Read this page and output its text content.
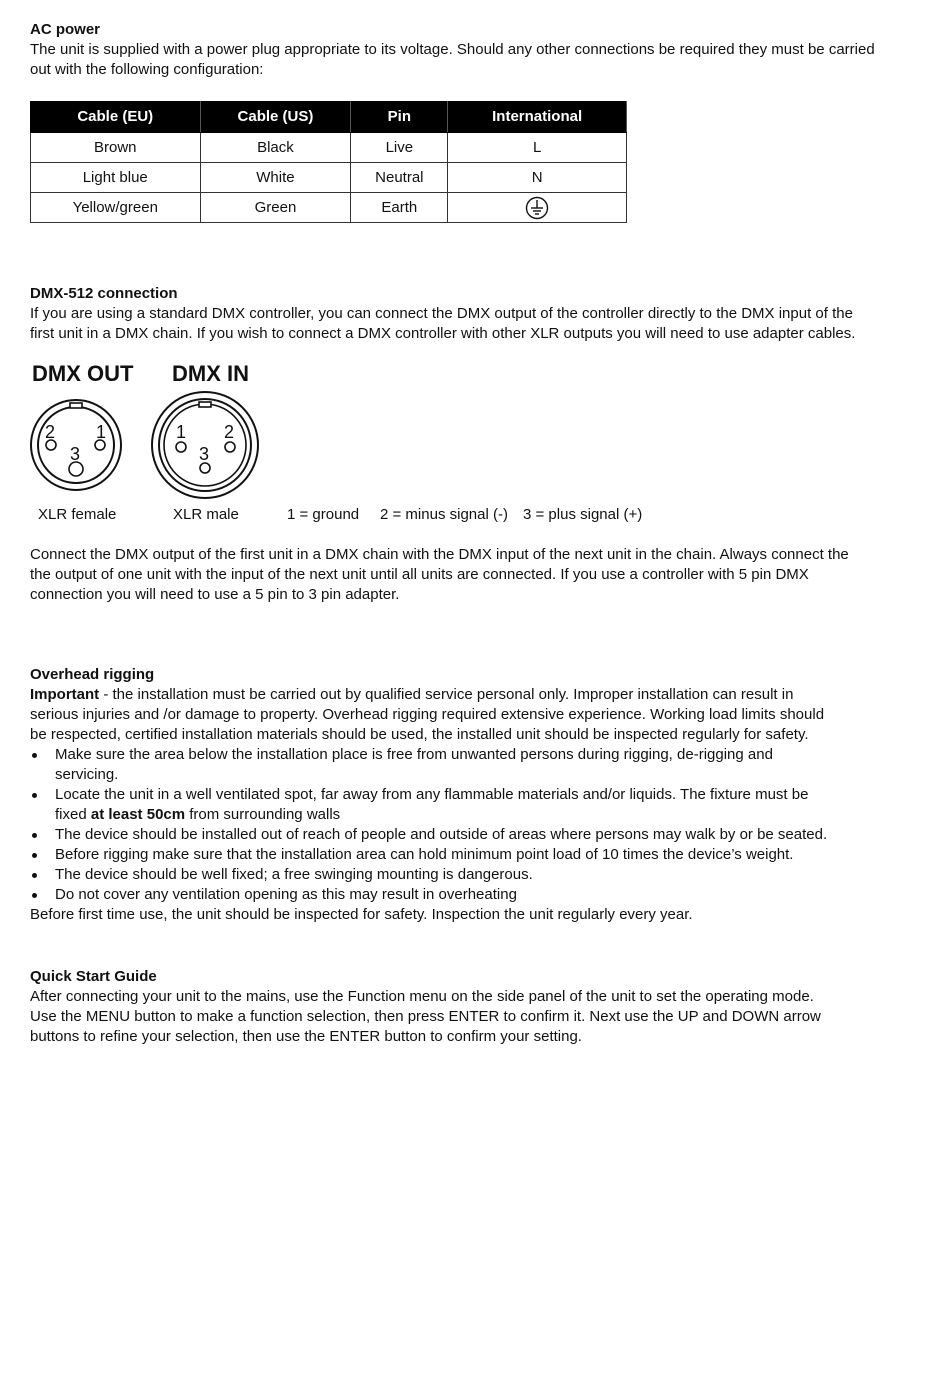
AC power

The unit is supplied with a power plug appropriate to its voltage. Should any other connections be required they must be carried out with the following configuration:

Cable (EU)	Cable (US)	Pin	International
Brown	Black	Live	L
Light blue	White	Neutral	N
Yellow/green	Green	Earth	

DMX-512 connection

If you are using a standard DMX controller, you can connect the DMX output of the controller directly to the DMX input of the first unit in a DMX chain. If you wish to connect a DMX controller with other XLR outputs you will need to use adapter cables.

DMX OUT DMX IN
2 1
3
1 2
3
XLR female	XLR male	1 = ground 2 = minus signal (-) 3 = plus signal (+)

Connect the DMX output of the first unit in a DMX chain with the DMX input of the next unit in the chain. Always connect the the output of one unit with the input of the next unit until all units are connected. If you use a controller with 5 pin DMX connection you will need to use a 5 pin to 3 pin adapter.

Overhead rigging

Important - the installation must be carried out by qualified service personal only. Improper installation can result in serious injuries and /or damage to property. Overhead rigging required extensive experience. Working load limits should be respected, certified installation materials should be used, the installed unit should be inspected regularly for safety.

Make sure the area below the installation place is free from unwanted persons during rigging, de-rigging and servicing.
Locate the unit in a well ventilated spot, far away from any flammable materials and/or liquids. The fixture must be fixed at least 50cm from surrounding walls
The device should be installed out of reach of people and outside of areas where persons may walk by or be seated.
Before rigging make sure that the installation area can hold minimum point load of 10 times the device’s weight.
The device should be well fixed; a free swinging mounting is dangerous.
Do not cover any ventilation opening as this may result in overheating

Before first time use, the unit should be inspected for safety. Inspection the unit regularly every year.

Quick Start Guide

After connecting your unit to the mains, use the Function menu on the side panel of the unit to set the operating mode.

Use the MENU button to make a function selection, then press ENTER to confirm it. Next use the UP and DOWN arrow buttons to refine your selection, then use the ENTER button to confirm your setting.
